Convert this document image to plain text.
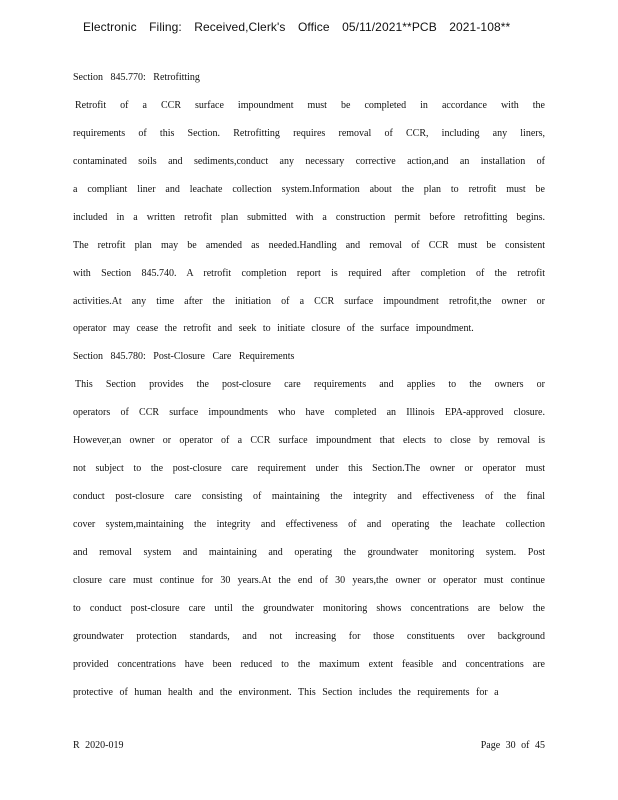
Electronic Filing: Received,Clerk's Office 05/11/2021**PCB 2021-108**
Section 845.770: Retrofitting
Retrofit of a CCR surface impoundment must be completed in accordance with the
requirements of this Section. Retrofitting requires removal of CCR, including any liners,
contaminated soils and sediments,conduct any necessary corrective action,and an installation of
a compliant liner and leachate collection system.Information about the plan to retrofit must be
included in a written retrofit plan submitted with a construction permit before retrofitting begins.
The retrofit plan may be amended as needed.Handling and removal of CCR must be consistent
with Section 845.740. A retrofit completion report is required after completion of the retrofit
activities.At any time after the initiation of a CCR surface impoundment retrofit,the owner or
operator may cease the retrofit and seek to initiate closure of the surface impoundment.
Section 845.780: Post-Closure Care Requirements
This Section provides the post-closure care requirements and applies to the owners or
operators of CCR surface impoundments who have completed an Illinois EPA-approved closure.
However,an owner or operator of a CCR surface impoundment that elects to close by removal is
not subject to the post-closure care requirement under this Section.The owner or operator must
conduct post-closure care consisting of maintaining the integrity and effectiveness of the final
cover system,maintaining the integrity and effectiveness of and operating the leachate collection
and removal system and maintaining and operating the groundwater monitoring system. Post
closure care must continue for 30 years.At the end of 30 years,the owner or operator must continue
to conduct post-closure care until the groundwater monitoring shows concentrations are below the
groundwater protection standards, and not increasing for those constituents over background
provided concentrations have been reduced to the maximum extent feasible and concentrations are
protective of human health and the environment. This Section includes the requirements for a
R 2020-019	Page 30 of 45
